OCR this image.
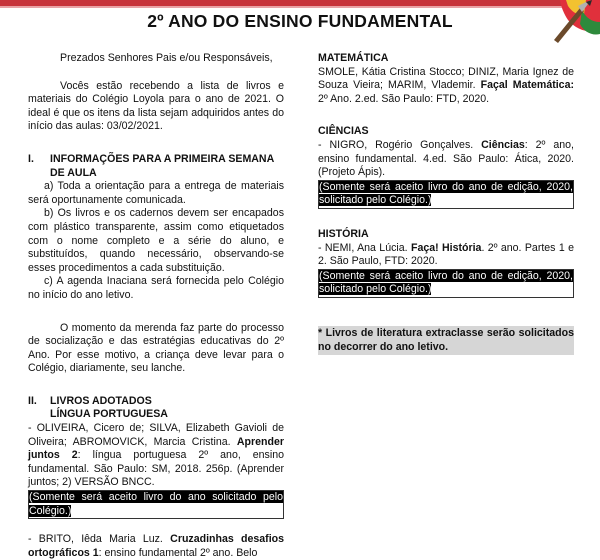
2º ANO DO ENSINO FUNDAMENTAL

Prezados Senhores Pais e/ou Responsáveis,

Vocês estão recebendo a lista de livros e materiais do Colégio Loyola para o ano de 2021. O ideal é que os itens da lista sejam adquiridos antes do início das aulas: 03/02/2021.

I.	INFORMAÇÕES PARA A PRIMEIRA SEMANA DE AULA

a) Toda a orientação para a entrega de materiais será oportunamente comunicada.

b) Os livros e os cadernos devem ser encapados com plástico transparente, assim como etiquetados com o nome completo e a série do aluno, e substituídos, quando necessário, observando-se esses procedimentos a cada substituição.

c) A agenda Inaciana será fornecida pelo Colégio no início do ano letivo.

O momento da merenda faz parte do processo de socialização e das estratégias educativas do 2º Ano. Por esse motivo, a criança deve levar para o Colégio, diariamente, seu lanche.

II.	LIVROS ADOTADOS
LÍNGUA PORTUGUESA

- OLIVEIRA, Cicero de; SILVA, Elizabeth Gavioli de Oliveira; ABROMOVICK, Marcia Cristina. Aprender juntos 2: língua portuguesa 2º ano, ensino fundamental. São Paulo: SM, 2018. 256p. (Aprender juntos; 2) VERSÃO BNCC.

(Somente será aceito livro do ano solicitado pelo Colégio.)

- BRITO, Iêda Maria Luz. Cruzadinhas desafios ortográficos 1: ensino fundamental 2º ano. Belo

MATEMÁTICA

SMOLE, Kátia Cristina Stocco; DINIZ, Maria Ignez de Souza Vieira; MARIM, Vlademir. Façal Matemática: 2º Ano. 2.ed. São Paulo: FTD, 2020.

CIÊNCIAS

- NIGRO, Rogério Gonçalves. Ciências: 2º ano, ensino fundamental. 4.ed. São Paulo: Ática, 2020. (Projeto Ápis).

(Somente será aceito livro do ano de edição, 2020, solicitado pelo Colégio.)

HISTÓRIA

- NEMI, Ana Lúcia. Faça! História. 2º ano. Partes 1 e 2. São Paulo, FTD: 2020.

(Somente será aceito livro do ano de edição, 2020, solicitado pelo Colégio.)

* Livros de literatura extraclasse serão solicitados no decorrer do ano letivo.
